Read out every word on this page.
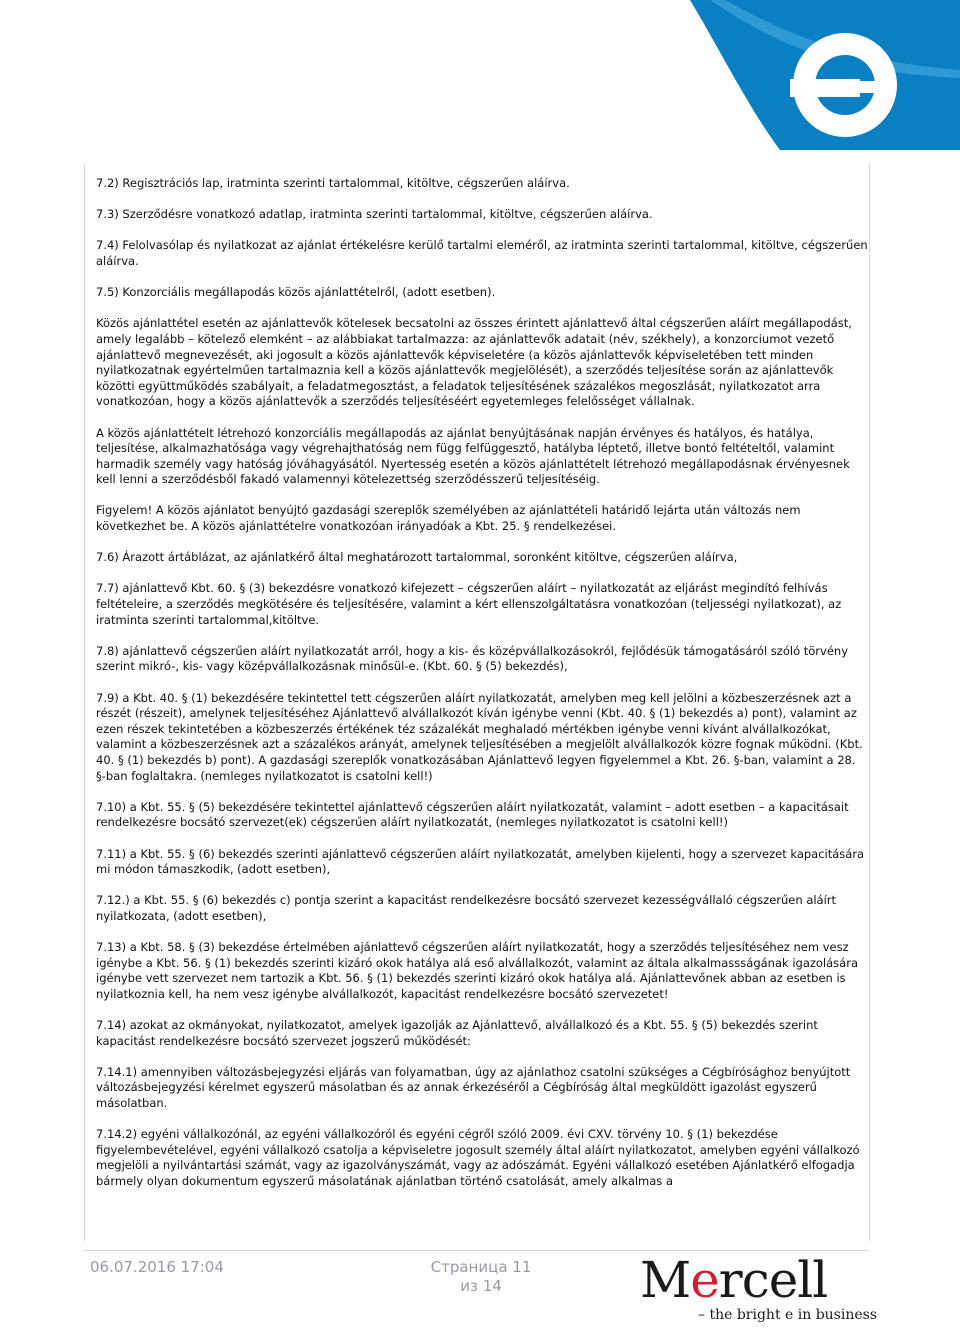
7.2) Regisztrációs lap, iratminta szerinti tartalommal, kitöltve, cégszerűen aláírva.

7.3) Szerződésre vonatkozó adatlap, iratminta szerinti tartalommal, kitöltve, cégszerűen aláírva.

7.4) Felolvasólap és nyilatkozat az ajánlat értékelésre kerülő tartalmi eleméről, az iratminta szerinti tartalommal, kitöltve, cégszerűen aláírva.

7.5) Konzorciális megállapodás közös ajánlattételről, (adott esetben).

Közös ajánlattétel esetén az ajánlattevők kötelesek becsatolni az összes érintett ajánlattevő által cégszerűen aláírt megállapodást, amely legalább – kötelező elemként – az alábbiakat tartalmazza: az ajánlattevők adatait (név, székhely), a konzorciumot vezető ajánlattevő megnevezését, aki jogosult a közös ajánlattevők képviseletére (a közös ajánlattevők képviseletében tett minden nyilatkozatnak egyértelműen tartalmaznia kell a közös ajánlattevők megjelölését), a szerződés teljesítése során az ajánlattevők közötti együttműködés szabályait, a feladatmegosztást, a feladatok teljesítésének százalékos megoszlását, nyilatkozatot arra vonatkozóan, hogy a közös ajánlattevők a szerződés teljesítéséért egyetemleges felelősséget vállalnak.

A közös ajánlattételt létrehozó konzorciális megállapodás az ajánlat benyújtásának napján érvényes és hatályos, és hatálya, teljesítése, alkalmazhatósága vagy végrehajthatóság nem függ felfüggesztő, hatályba léptető, illetve bontó feltételtől, valamint harmadik személy vagy hatóság jóváhagyásától. Nyertesség esetén a közös ajánlattételt létrehozó megállapodásnak érvényesnek kell lenni a szerződésből fakadó valamennyi kötelezettség szerződésszerű teljesítéséig.

Figyelem! A közös ajánlatot benyújtó gazdasági szereplők személyében az ajánlattételi határidő lejárta után változás nem következhet be. A közös ajánlattételre vonatkozóan irányadóak a Kbt. 25. § rendelkezései.

7.6) Árazott ártáblázat, az ajánlatkérő által meghatározott tartalommal, soronként kitöltve, cégszerűen aláírva,

7.7) ajánlattevő Kbt. 60. § (3) bekezdésre vonatkozó kifejezett – cégszerűen aláírt – nyilatkozatát az eljárást megindító felhívás feltételeire, a szerződés megkötésére és teljesítésére, valamint a kért ellenszolgáltatásra vonatkozóan (teljességi nyilatkozat), az iratminta szerinti tartalommal,kitöltve.

7.8) ajánlattevő cégszerűen aláírt nyilatkozatát arról, hogy a kis- és középvállalkozásokról, fejlődésük támogatásáról szóló törvény szerint mikró-, kis- vagy középvállalkozásnak minősül-e. (Kbt. 60. § (5) bekezdés),

7.9) a Kbt. 40. § (1) bekezdésére tekintettel tett cégszerűen aláírt nyilatkozatát, amelyben meg kell jelölni a közbeszerzésnek azt a részét (részeit), amelynek teljesítéséhez Ajánlattevő alvállalkozót kíván igénybe venni (Kbt. 40. § (1) bekezdés a) pont), valamint az ezen részek tekintetében a közbeszerzés értékének téz százalékát meghaladó mértékben igénybe venni kívánt alvállalkozókat, valamint a közbeszerzésnek azt a százalékos arányát, amelynek teljesítésében a megjelölt alvállalkozók közre fognak működni. (Kbt. 40. § (1) bekezdés b) pont). A gazdasági szereplők vonatkozásában Ajánlattevő legyen figyelemmel a Kbt. 26. §-ban, valamint a 28. §-ban foglaltakra. (nemleges nyilatkozatot is csatolni kell!)

7.10) a Kbt. 55. § (5) bekezdésére tekintettel ajánlattevő cégszerűen aláírt nyilatkozatát, valamint – adott esetben – a kapacitásait rendelkezésre bocsátó szervezet(ek) cégszerűen aláírt nyilatkozatát, (nemleges nyilatkozatot is csatolni kell!)

7.11) a Kbt. 55. § (6) bekezdés szerinti ajánlattevő cégszerűen aláírt nyilatkozatát, amelyben kijelenti, hogy a szervezet kapacitására mi módon támaszkodik, (adott esetben),

7.12.) a Kbt. 55. § (6) bekezdés c) pontja szerint a kapacitást rendelkezésre bocsátó szervezet kezességvállaló cégszerűen aláírt nyilatkozata, (adott esetben),

7.13) a Kbt. 58. § (3) bekezdése értelmében ajánlattevő cégszerűen aláírt nyilatkozatát, hogy a szerződés teljesítéséhez nem vesz igénybe a Kbt. 56. § (1) bekezdés szerinti kizáró okok hatálya alá eső alvállalkozót, valamint az általa alkalmassságának igazolására igénybe vett szervezet nem tartozik a Kbt. 56. § (1) bekezdés szerinti kizáró okok hatálya alá. Ajánlattevőnek abban az esetben is nyilatkoznia kell, ha nem vesz igénybe alvállalkozót, kapacitást rendelkezésre bocsátó szervezetet!

7.14) azokat az okmányokat, nyilatkozatot, amelyek igazolják az Ajánlattevő, alvállalkozó és a Kbt. 55. § (5) bekezdés szerint kapacitást rendelkezésre bocsátó szervezet jogszerű működését:

7.14.1) amennyiben változásbejegyzési eljárás van folyamatban, úgy az ajánlathoz csatolni szükséges a Cégbírósághoz benyújtott változásbejegyzési kérelmet egyszerű másolatban és az annak érkezéséről a Cégbíróság által megküldött igazolást egyszerű másolatban.

7.14.2) egyéni vállalkozónál, az egyéni vállalkozóról és egyéni cégről szóló 2009. évi CXV. törvény 10. § (1) bekezdése figyelembevételével, egyéni vállalkozó csatolja a képviseletre jogosult személy által aláírt nyilatkozatot, amelyben egyéni vállalkozó megjelöli a nyilvántartási számát, vagy az igazolványszámát, vagy az adószámát. Egyéni vállalkozó esetében Ajánlatkérő elfogadja bármely olyan dokumentum egyszerű másolatának ajánlatban történő csatolását, amely alkalmas a

06.07.2016 17:04	Страница 11 из 14	Mercell
– the bright e in business
